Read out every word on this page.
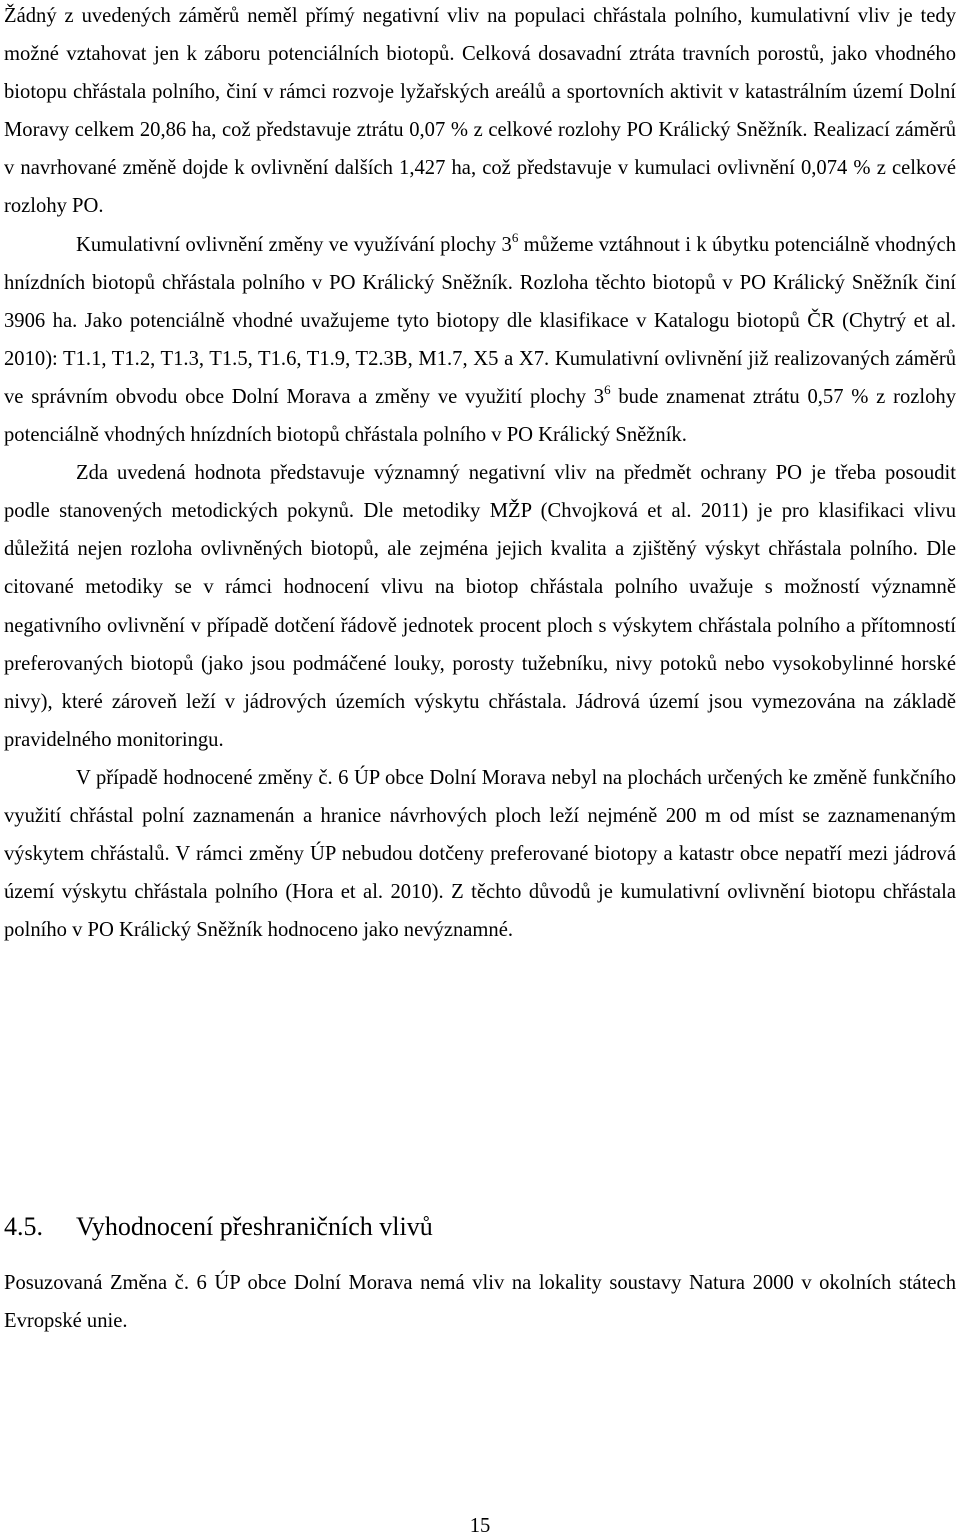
Žádný z uvedených záměrů neměl přímý negativní vliv na populaci chřástala polního, kumulativní vliv je tedy možné vztahovat jen k záboru potenciálních biotopů. Celková dosavadní ztráta travních porostů, jako vhodného biotopu chřástala polního, činí v rámci rozvoje lyžařských areálů a sportovních aktivit v katastrálním území Dolní Moravy celkem 20,86 ha, což představuje ztrátu 0,07 % z celkové rozlohy PO Králický Sněžník. Realizací záměrů v navrhované změně dojde k ovlivnění dalších 1,427 ha, což představuje v kumulaci ovlivnění 0,074 % z celkové rozlohy PO.

Kumulativní ovlivnění změny ve využívání plochy $3^6$ můžeme vztáhnout i k úbytku potenciálně vhodných hnízdních biotopů chřástala polního v PO Králický Sněžník. Rozloha těchto biotopů v PO Králický Sněžník činí 3906 ha. Jako potenciálně vhodné uvažujeme tyto biotopy dle klasifikace v Katalogu biotopů ČR (Chytrý et al. 2010): T1.1, T1.2, T1.3, T1.5, T1.6, T1.9, T2.3B, M1.7, X5 a X7. Kumulativní ovlivnění již realizovaných záměrů ve správním obvodu obce Dolní Morava a změny ve využití plochy $3^6$ bude znamenat ztrátu 0,57 % z rozlohy potenciálně vhodných hnízdních biotopů chřástala polního v PO Králický Sněžník.

Zda uvedená hodnota představuje významný negativní vliv na předmět ochrany PO je třeba posoudit podle stanovených metodických pokynů. Dle metodiky MŽP (Chvojková et al. 2011) je pro klasifikaci vlivu důležitá nejen rozloha ovlivněných biotopů, ale zejména jejich kvalita a zjištěný výskyt chřástala polního. Dle citované metodiky se v rámci hodnocení vlivu na biotop chřástala polního uvažuje s možností významně negativního ovlivnění v případě dotčení řádově jednotek procent ploch s výskytem chřástala polního a přítomností preferovaných biotopů (jako jsou podmáčené louky, porosty tužebníku, nivy potoků nebo vysokobylinné horské nivy), které zároveň leží v jádrových územích výskytu chřástala. Jádrová území jsou vymezována na základě pravidelného monitoringu.

V případě hodnocené změny č. 6 ÚP obce Dolní Morava nebyl na plochách určených ke změně funkčního využití chřástal polní zaznamenán a hranice návrhových ploch leží nejméně 200 m od míst se zaznamenaným výskytem chřástalů. V rámci změny ÚP nebudou dotčeny preferované biotopy a katastr obce nepatří mezi jádrová území výskytu chřástala polního (Hora et al. 2010). Z těchto důvodů je kumulativní ovlivnění biotopu chřástala polního v PO Králický Sněžník hodnoceno jako nevýznamné.

4.5. Vyhodnocení přeshraničních vlivů

Posuzovaná Změna č. 6 ÚP obce Dolní Morava nemá vliv na lokality soustavy Natura 2000 v okolních státech Evropské unie.

15
